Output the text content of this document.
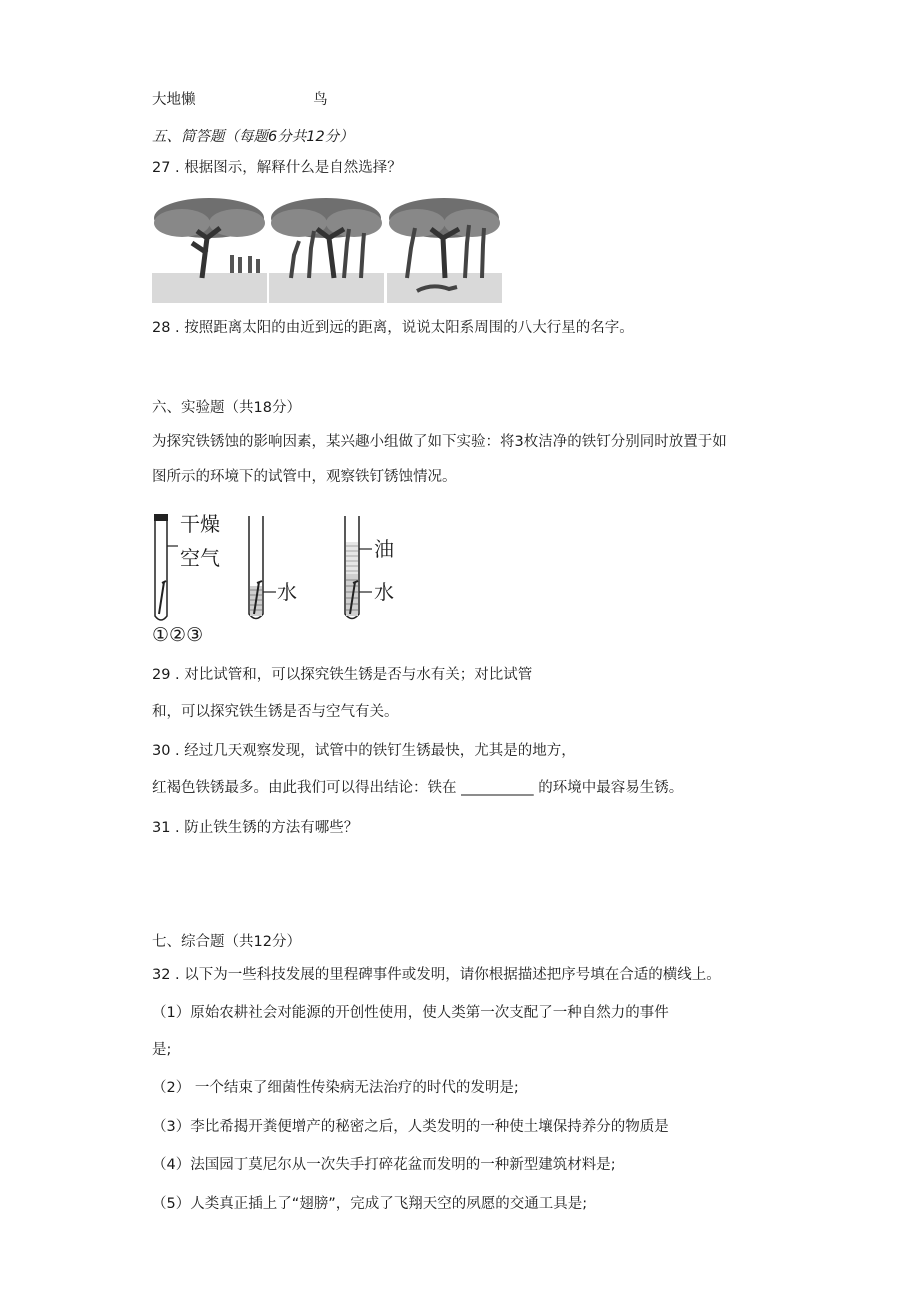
大地懒	鸟
五、简答题（每题6分共12分）
27 . 根据图示，解释什么是自然选择？
28 . 按照距离太阳的由近到远的距离，说说太阳系周围的八大行星的名字。
六、实验题（共18分）
为探究铁锈蚀的影响因素，某兴趣小组做了如下实验：将3枚洁净的铁钉分别同时放置于如
图所示的环境下的试管中，观察铁钉锈蚀情况。
干燥
空气
水
油
水
①②③
29 . 对比试管和，可以探究铁生锈是否与水有关；对比试管
和，可以探究铁生锈是否与空气有关。
30 . 经过几天观察发现，试管中的铁钉生锈最快，尤其是的地方，
红褐色铁锈最多。由此我们可以得出结论：铁在 __________ 的环境中最容易生锈。
31 . 防止铁生锈的方法有哪些？
七、综合题（共12分）
32 . 以下为一些科技发展的里程碑事件或发明，请你根据描述把序号填在合适的横线上。
（1）原始农耕社会对能源的开创性使用，使人类第一次支配了一种自然力的事件
是;
（2） 一个结束了细菌性传染病无法治疗的时代的发明是;
（3）李比希揭开粪便增产的秘密之后，人类发明的一种使土壤保持养分的物质是
（4）法国园丁莫尼尔从一次失手打碎花盆而发明的一种新型建筑材料是;
（5）人类真正插上了“翅膀”，完成了飞翔天空的夙愿的交通工具是;
